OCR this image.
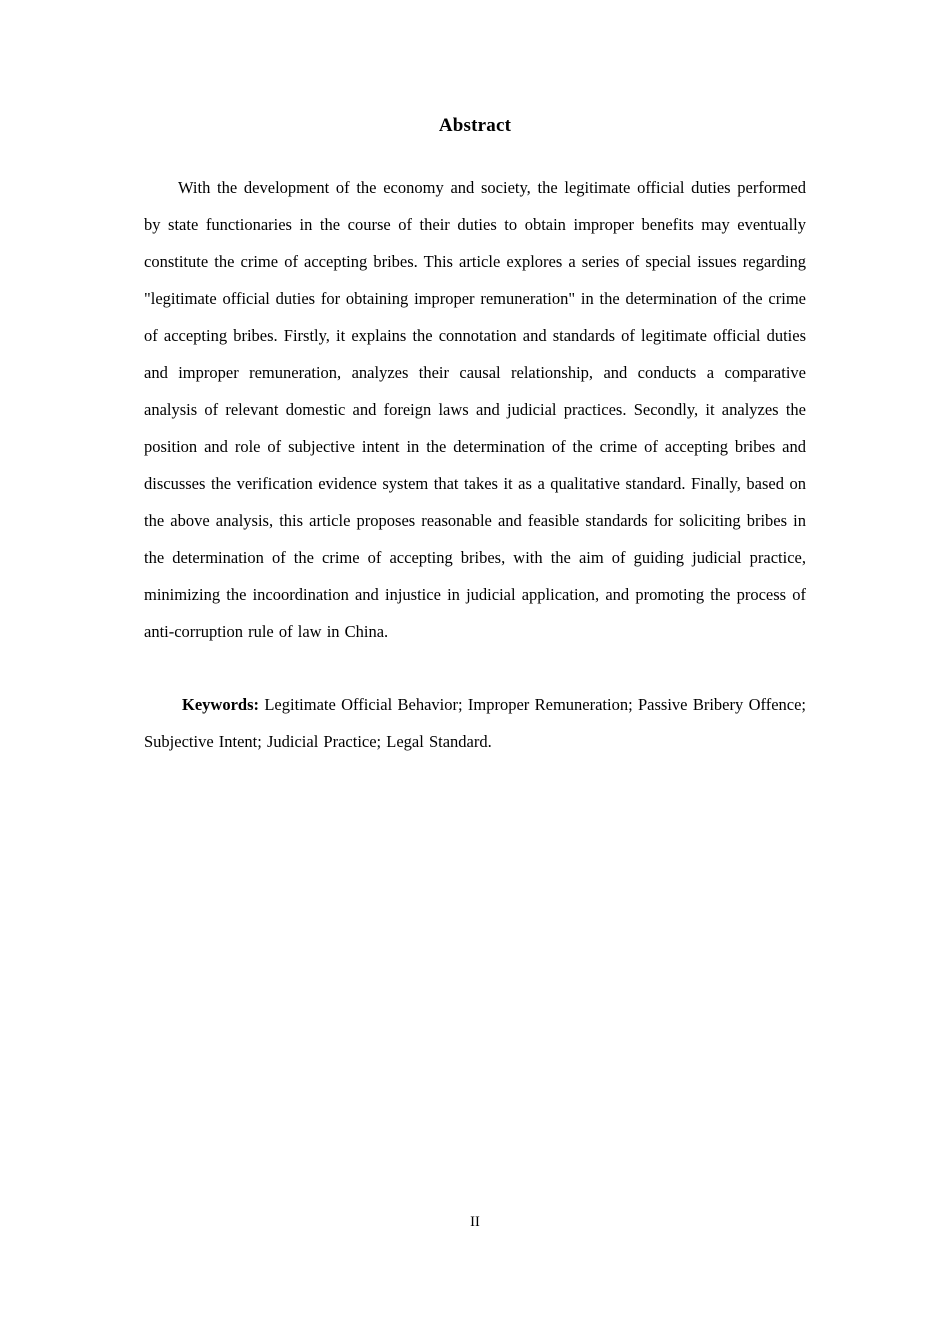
Abstract

With the development of the economy and society, the legitimate official duties performed by state functionaries in the course of their duties to obtain improper benefits may eventually constitute the crime of accepting bribes. This article explores a series of special issues regarding "legitimate official duties for obtaining improper remuneration" in the determination of the crime of accepting bribes. Firstly, it explains the connotation and standards of legitimate official duties and improper remuneration, analyzes their causal relationship, and conducts a comparative analysis of relevant domestic and foreign laws and judicial practices. Secondly, it analyzes the position and role of subjective intent in the determination of the crime of accepting bribes and discusses the verification evidence system that takes it as a qualitative standard. Finally, based on the above analysis, this article proposes reasonable and feasible standards for soliciting bribes in the determination of the crime of accepting bribes, with the aim of guiding judicial practice, minimizing the incoordination and injustice in judicial application, and promoting the process of anti-corruption rule of law in China.

Keywords: Legitimate Official Behavior; Improper Remuneration; Passive Bribery Offence; Subjective Intent; Judicial Practice; Legal Standard.

II
